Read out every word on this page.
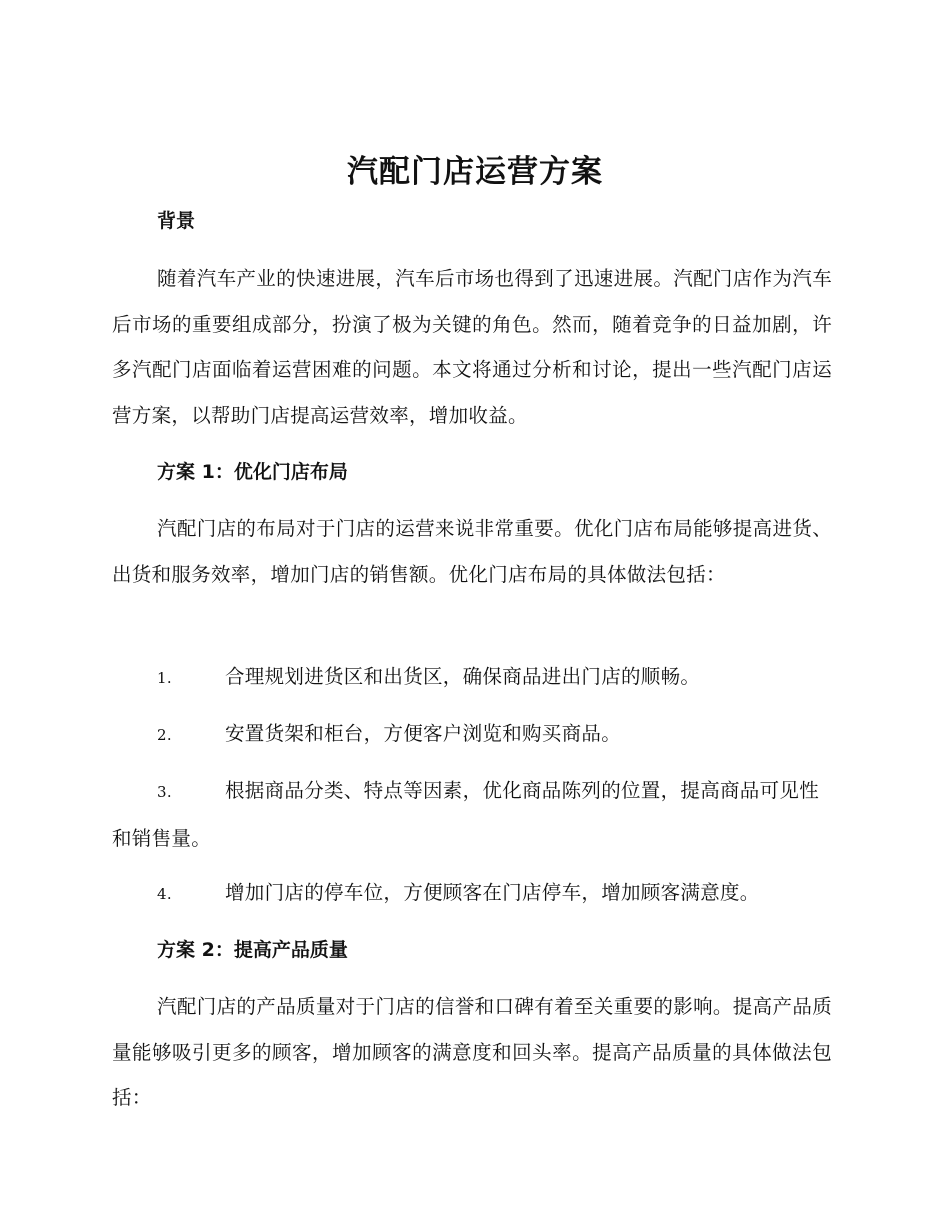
汽配门店运营方案
背景
随着汽车产业的快速进展，汽车后市场也得到了迅速进展。汽配门店作为汽车后市场的重要组成部分，扮演了极为关键的角色。然而，随着竞争的日益加剧，许多汽配门店面临着运营困难的问题。本文将通过分析和讨论，提出一些汽配门店运营方案，以帮助门店提高运营效率，增加收益。
方案 1：优化门店布局
汽配门店的布局对于门店的运营来说非常重要。优化门店布局能够提高进货、出货和服务效率，增加门店的销售额。优化门店布局的具体做法包括：
1.	合理规划进货区和出货区，确保商品进出门店的顺畅。
2.	安置货架和柜台，方便客户浏览和购买商品。
3.	根据商品分类、特点等因素，优化商品陈列的位置，提高商品可见性和销售量。
4.	增加门店的停车位，方便顾客在门店停车，增加顾客满意度。
方案 2：提高产品质量
汽配门店的产品质量对于门店的信誉和口碑有着至关重要的影响。提高产品质量能够吸引更多的顾客，增加顾客的满意度和回头率。提高产品质量的具体做法包括：
